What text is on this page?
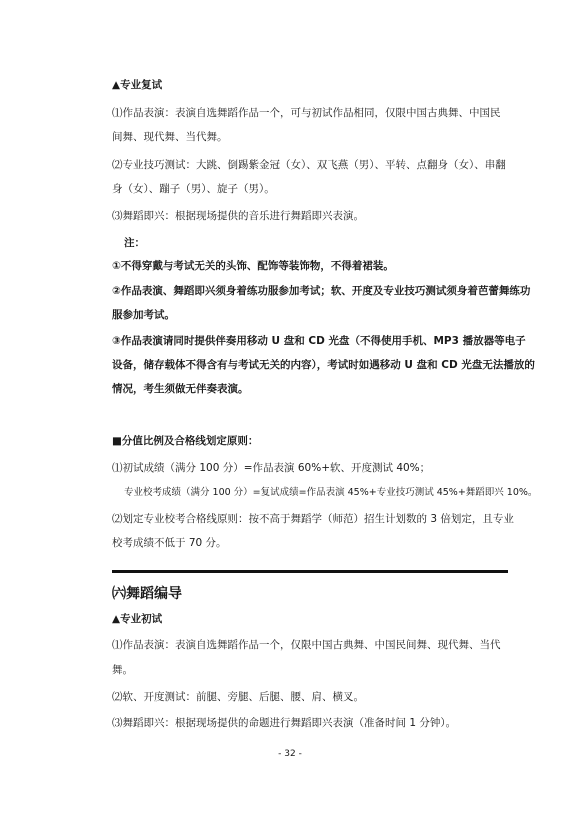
▲专业复试
⑴作品表演：表演自选舞蹈作品一个，可与初试作品相同，仅限中国古典舞、中国民
间舞、现代舞、当代舞。
⑵专业技巧测试：大跳、倒踢紫金冠（女）、双飞燕（男）、平转、点翻身（女）、串翻
身（女）、蹦子（男）、旋子（男）。
⑶舞蹈即兴：根据现场提供的音乐进行舞蹈即兴表演。
注：
①不得穿戴与考试无关的头饰、配饰等装饰物，不得着裙装。
②作品表演、舞蹈即兴须身着练功服参加考试；软、开度及专业技巧测试须身着芭蕾舞练功
服参加考试。
③作品表演请同时提供伴奏用移动 U 盘和 CD 光盘（不得使用手机、MP3 播放器等电子
设备，储存载体不得含有与考试无关的内容），考试时如遇移动 U 盘和 CD 光盘无法播放的
情况，考生须做无伴奏表演。
■分值比例及合格线划定原则：
⑴初试成绩（满分 100 分）=作品表演 60%+软、开度测试 40%；
专业校考成绩（满分 100 分）=复试成绩=作品表演 45%+专业技巧测试 45%+舞蹈即兴 10%。
⑵划定专业校考合格线原则：按不高于舞蹈学（师范）招生计划数的 3 倍划定，且专业
校考成绩不低于 70 分。
㈥舞蹈编导
▲专业初试
⑴作品表演：表演自选舞蹈作品一个，仅限中国古典舞、中国民间舞、现代舞、当代
舞。
⑵软、开度测试：前腿、旁腿、后腿、腰、肩、横叉。
⑶舞蹈即兴：根据现场提供的命题进行舞蹈即兴表演（准备时间 1 分钟）。
- 32 -
